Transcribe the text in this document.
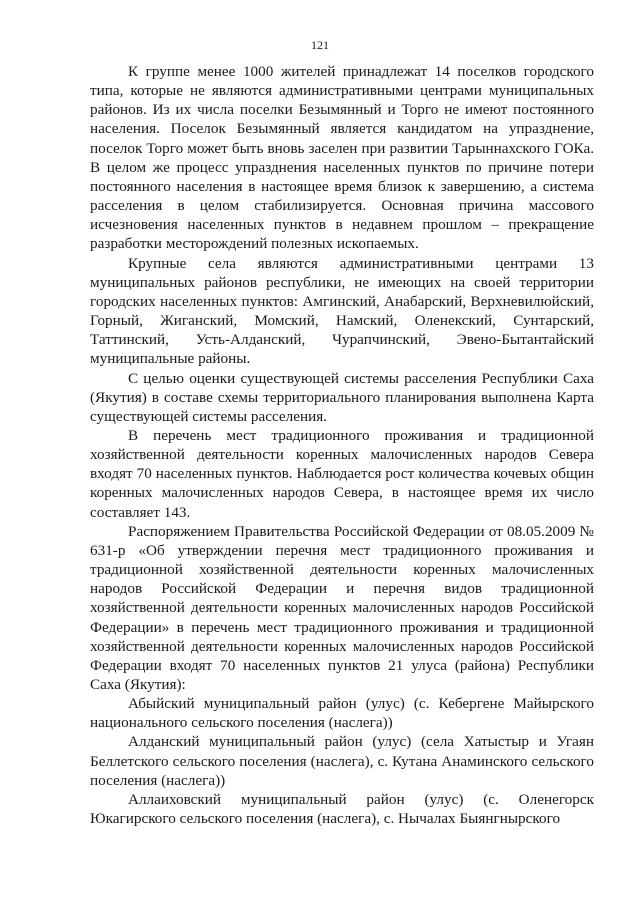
121

К группе менее 1000 жителей принадлежат 14 поселков городского типа, которые не являются административными центрами муниципальных районов. Из их числа поселки Безымянный и Торго не имеют постоянного населения. Поселок Безымянный является кандидатом на упразднение, поселок Торго может быть вновь заселен при развитии Тарыннахского ГОКа. В целом же процесс упразднения населенных пунктов по причине потери постоянного населения в настоящее время близок к завершению, а система расселения в целом стабилизируется. Основная причина массового исчезновения населенных пунктов в недавнем прошлом – прекращение разработки месторождений полезных ископаемых.

Крупные села являются административными центрами 13 муниципальных районов республики, не имеющих на своей территории городских населенных пунктов: Амгинский, Анабарский, Верхневилюйский, Горный, Жиганский, Момский, Намский, Оленекский, Сунтарский, Таттинский, Усть-Алданский, Чурапчинский, Эвено-Бытантайский муниципальные районы.

С целью оценки существующей системы расселения Республики Саха (Якутия) в составе схемы территориального планирования выполнена Карта существующей системы расселения.

В перечень мест традиционного проживания и традиционной хозяйственной деятельности коренных малочисленных народов Севера входят 70 населенных пунктов. Наблюдается рост количества кочевых общин коренных малочисленных народов Севера, в настоящее время их число составляет 143.

Распоряжением Правительства Российской Федерации от 08.05.2009 № 631-р «Об утверждении перечня мест традиционного проживания и традиционной хозяйственной деятельности коренных малочисленных народов Российской Федерации и перечня видов традиционной хозяйственной деятельности коренных малочисленных народов Российской Федерации» в перечень мест традиционного проживания и традиционной хозяйственной деятельности коренных малочисленных народов Российской Федерации входят 70 населенных пунктов 21 улуса (района) Республики Саха (Якутия):

Абыйский муниципальный район (улус) (с. Кебергене Майырского национального сельского поселения (наслега))

Алданский муниципальный район (улус) (села Хатыстыр и Угаян Беллетского сельского поселения (наслега), с. Кутана Анаминского сельского поселения (наслега))

Аллаиховский муниципальный район (улус) (с. Оленегорск Юкагирского сельского поселения (наслега), с. Нычалах Быянгнырского
